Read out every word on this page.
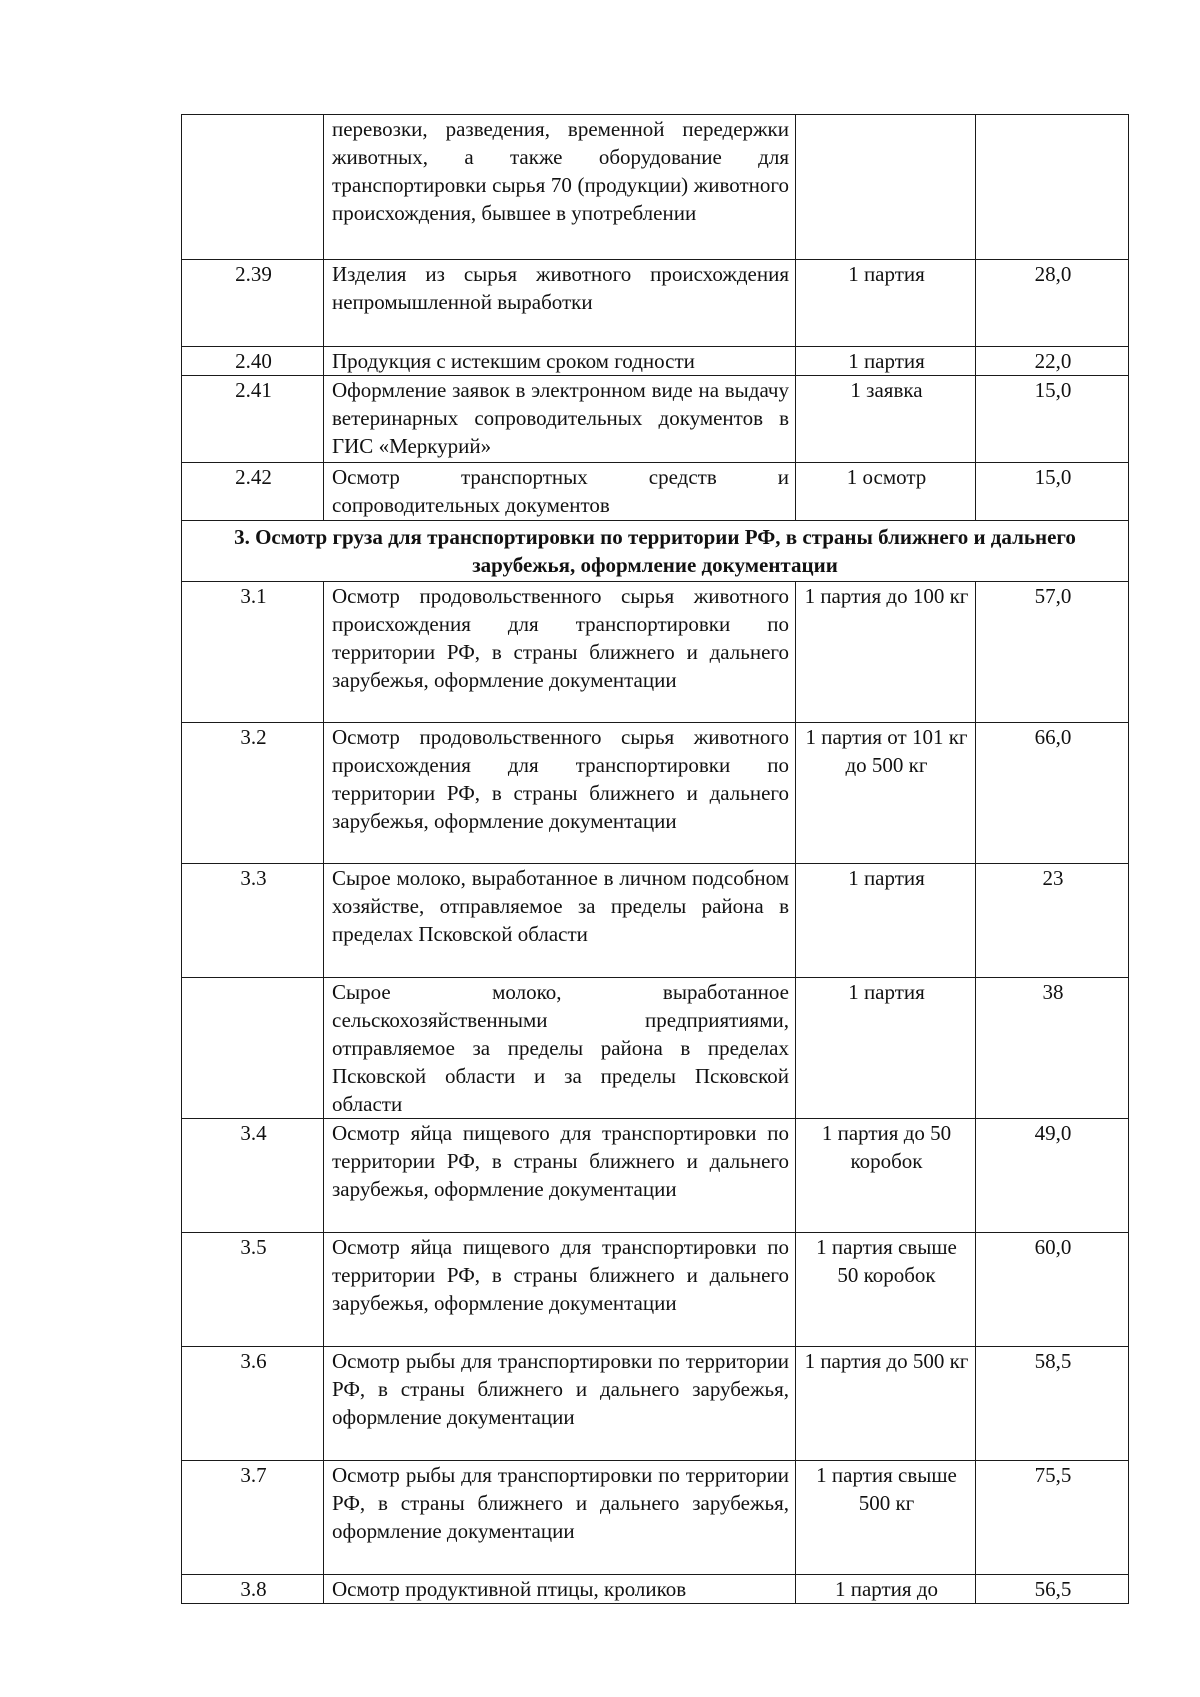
	перевозки, разведения, временной передержки животных, а также оборудование для транспортировки сырья 70 (продукции) животного происхождения, бывшее в употреблении		
2.39	Изделия из сырья животного происхождения непромышленной выработки	1 партия	28,0
2.40	Продукция с истекшим сроком годности	1 партия	22,0
2.41	Оформление заявок в электронном виде на выдачу ветеринарных сопроводительных документов в ГИС «Меркурий»	1 заявка	15,0
2.42	Осмотр транспортных средств и сопроводительных документов	1 осмотр	15,0
3. Осмотр груза для транспортировки по территории РФ, в страны ближнего и дальнего зарубежья, оформление документации			
3.1	Осмотр продовольственного сырья животного происхождения для транспортировки по территории РФ, в страны ближнего и дальнего зарубежья, оформление документации	1 партия до 100 кг	57,0
3.2	Осмотр продовольственного сырья животного происхождения для транспортировки по территории РФ, в страны ближнего и дальнего зарубежья, оформление документации	1 партия от 101 кг до 500 кг	66,0
3.3	Сырое молоко, выработанное в личном подсобном хозяйстве, отправляемое за пределы района в пределах Псковской области	1 партия	23
	Сырое молоко, выработанное сельскохозяйственными предприятиями, отправляемое за пределы района в пределах Псковской области и за пределы Псковской области	1 партия	38
3.4	Осмотр яйца пищевого для транспортировки по территории РФ, в страны ближнего и дальнего зарубежья, оформление документации	1 партия до 50 коробок	49,0
3.5	Осмотр яйца пищевого для транспортировки по территории РФ, в страны ближнего и дальнего зарубежья, оформление документации	1 партия свыше 50 коробок	60,0
3.6	Осмотр рыбы для транспортировки по территории РФ, в страны ближнего и дальнего зарубежья, оформление документации	1 партия до 500 кг	58,5
3.7	Осмотр рыбы для транспортировки по территории РФ, в страны ближнего и дальнего зарубежья, оформление документации	1 партия свыше 500 кг	75,5
3.8	Осмотр продуктивной птицы, кроликов	1 партия до	56,5
